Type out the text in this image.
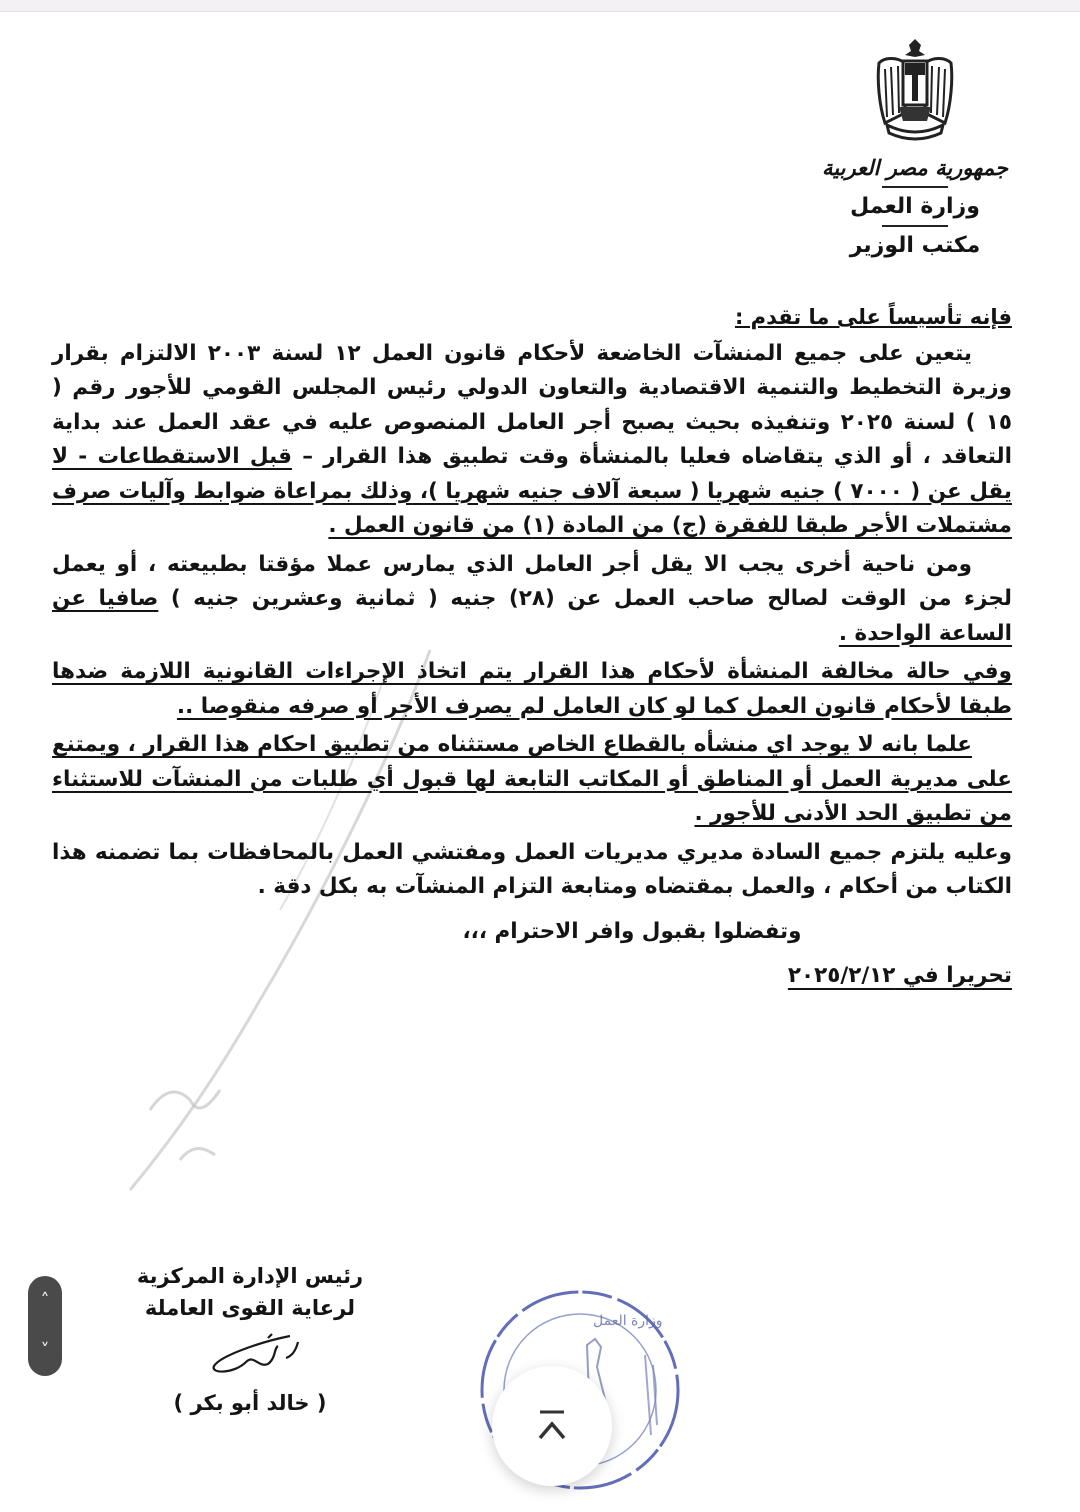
جمهورية مصر العربية
وزارة العمل
مكتب الوزير

فإنه تأسيساً على ما تقدم :

يتعين على جميع المنشآت الخاضعة لأحكام قانون العمل ١٢ لسنة ٢٠٠٣ الالتزام بقرار وزيرة التخطيط والتنمية الاقتصادية والتعاون الدولي رئيس المجلس القومي للأجور رقم ( ١٥ ) لسنة ٢٠٢٥ وتنفيذه بحيث يصبح أجر العامل المنصوص عليه في عقد العمل عند بداية التعاقد ، أو الذي يتقاضاه فعليا بالمنشأة وقت تطبيق هذا القرار – قبل الاستقطاعات - لا يقل عن ( ٧٠٠٠ ) جنيه شهريا ( سبعة آلاف جنيه شهريا )، وذلك بمراعاة ضوابط وآليات صرف مشتملات الأجر طبقا للفقرة (ج) من المادة (١) من قانون العمل .

ومن ناحية أخرى يجب الا يقل أجر العامل الذي يمارس عملا مؤقتا بطبيعته ، أو يعمل لجزء من الوقت لصالح صاحب العمل عن (٢٨) جنيه ( ثمانية وعشرين جنيه ) صافيا عن الساعة الواحدة .

وفي حالة مخالفة المنشأة لأحكام هذا القرار يتم اتخاذ الإجراءات القانونية اللازمة ضدها طبقا لأحكام قانون العمل كما لو كان العامل لم يصرف الأجر أو صرفه منقوصا ..

علما بانه لا يوجد اي منشأه بالقطاع الخاص مستثناه من تطبيق احكام هذا القرار ، ويمتنع على مديرية العمل أو المناطق أو المكاتب التابعة لها قبول أي طلبات من المنشآت للاستثناء من تطبيق الحد الأدنى للأجور .

وعليه يلتزم جميع السادة مديري مديريات العمل ومفتشي العمل بالمحافظات بما تضمنه هذا الكتاب من أحكام ، والعمل بمقتضاه ومتابعة التزام المنشآت به بكل دقة .

وتفضلوا بقبول وافر الاحترام ،،،

تحريرا في ٢٠٢٥/٢/١٢

رئيس الإدارة المركزية
لرعاية القوى العاملة
( خالد أبو بكر )
وزارة العمل
˄
˅
